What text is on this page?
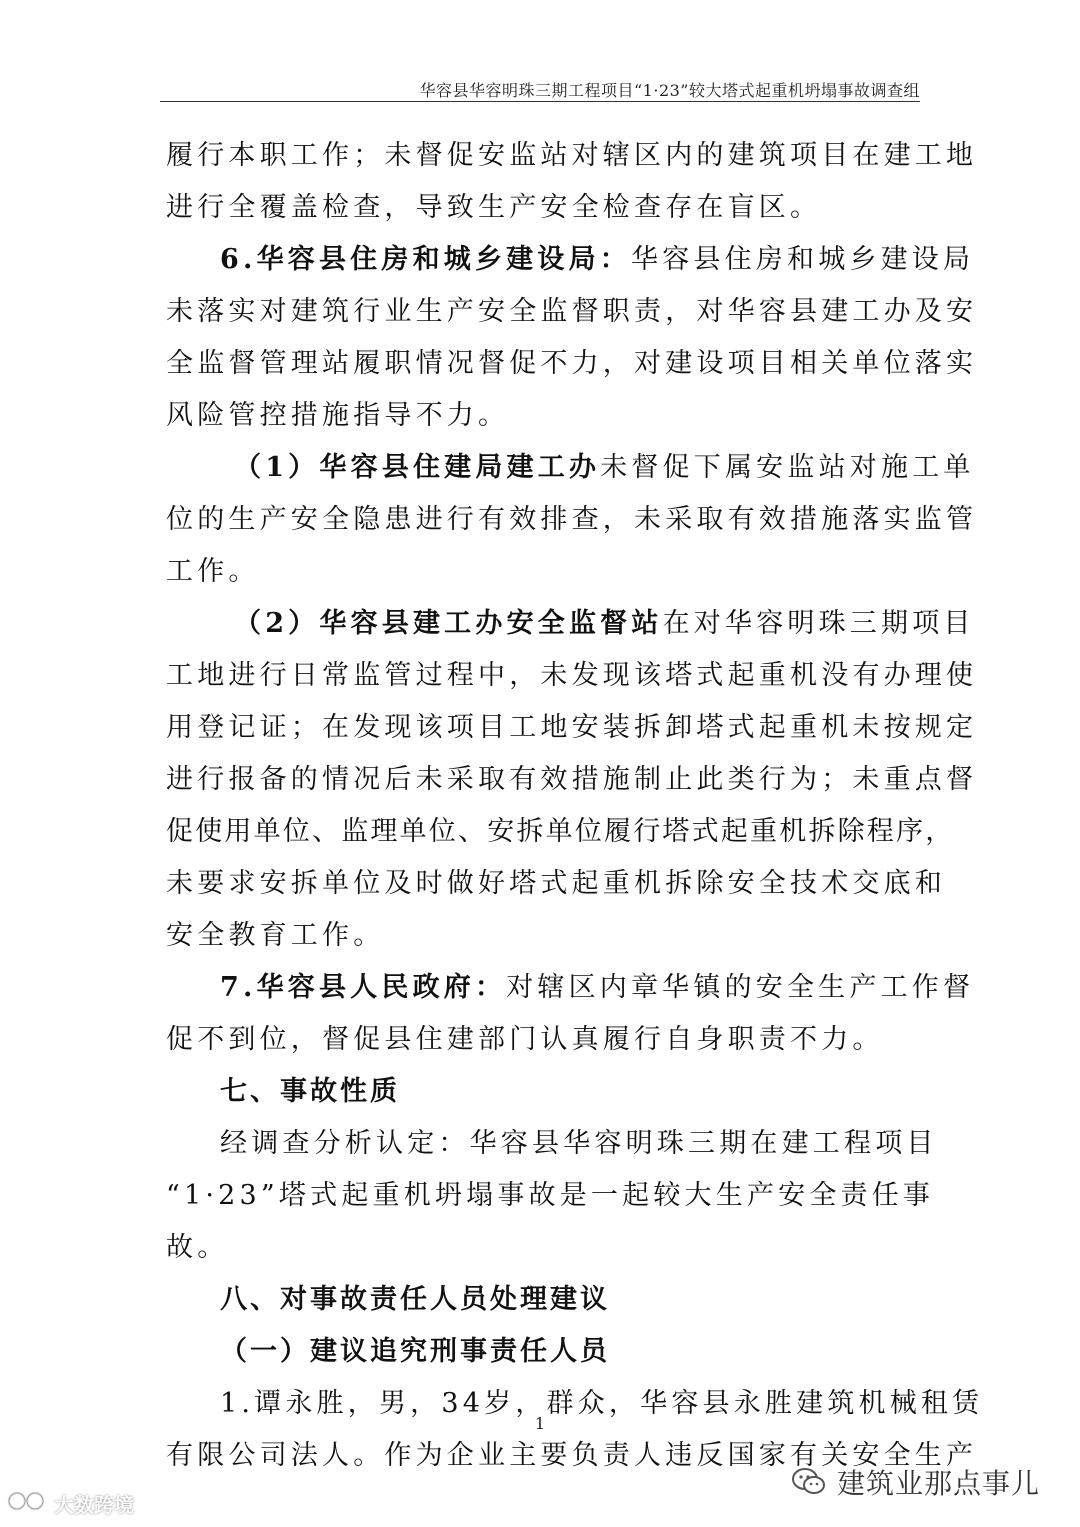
华容县华容明珠三期工程项目“1·23”较大塔式起重机坍塌事故调查组
履行本职工作；未督促安监站对辖区内的建筑项目在建工地
进行全覆盖检查，导致生产安全检查存在盲区。
6.华容县住房和城乡建设局：华容县住房和城乡建设局
未落实对建筑行业生产安全监督职责，对华容县建工办及安
全监督管理站履职情况督促不力，对建设项目相关单位落实
风险管控措施指导不力。
（1）华容县住建局建工办未督促下属安监站对施工单
位的生产安全隐患进行有效排查，未采取有效措施落实监管
工作。
（2）华容县建工办安全监督站在对华容明珠三期项目
工地进行日常监管过程中，未发现该塔式起重机没有办理使
用登记证；在发现该项目工地安装拆卸塔式起重机未按规定
进行报备的情况后未采取有效措施制止此类行为；未重点督
促使用单位、监理单位、安拆单位履行塔式起重机拆除程序，
未要求安拆单位及时做好塔式起重机拆除安全技术交底和
安全教育工作。
7.华容县人民政府：对辖区内章华镇的安全生产工作督
促不到位，督促县住建部门认真履行自身职责不力。
七、事故性质
经调查分析认定：华容县华容明珠三期在建工程项目
“1·23”塔式起重机坍塌事故是一起较大生产安全责任事
故。
八、对事故责任人员处理建议
（一）建议追究刑事责任人员
1.谭永胜，男，34岁，群众，华容县永胜建筑机械租赁
有限公司法人。作为企业主要负责人违反国家有关安全生产
1
建筑业那点事儿
大数跨境
